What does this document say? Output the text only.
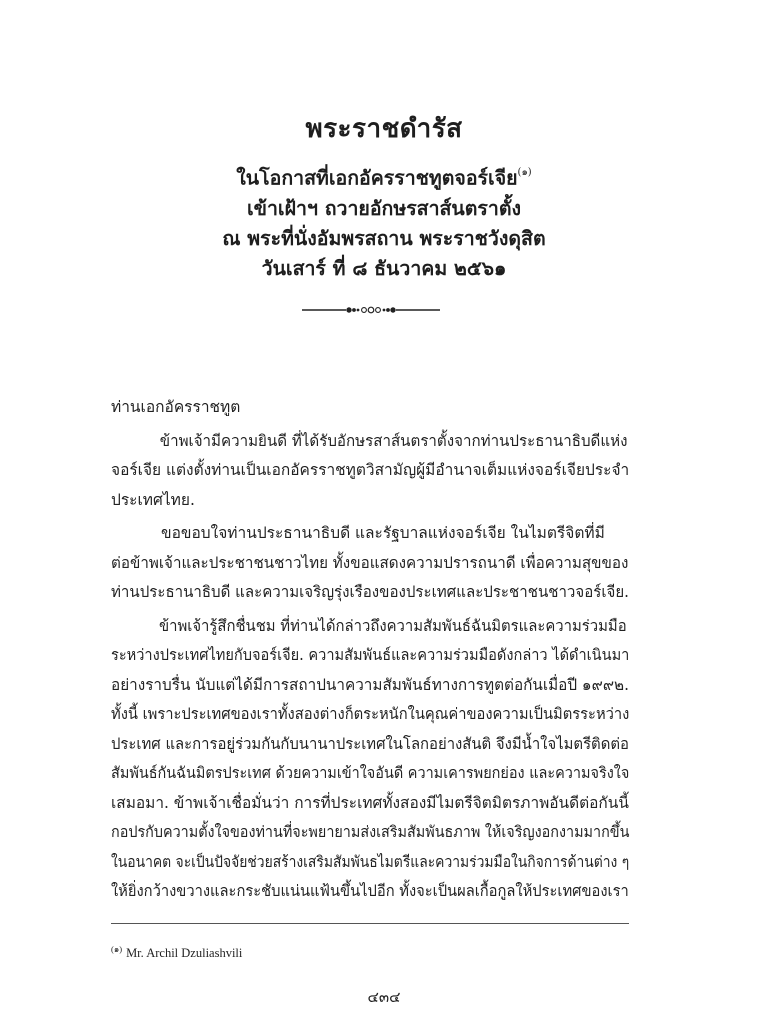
พระราชดำรัส
ในโอกาสที่เอกอัครราชทูตจอร์เจีย$^{(๑)}$
เข้าเฝ้าฯ ถวายอักษรสาส์นตราตั้ง
ณ พระที่นั่งอัมพรสถาน พระราชวังดุสิต
วันเสาร์ ที่ ๘ ธันวาคม ๒๕๖๑
ท่านเอกอัครราชทูต
ข้าพเจ้ามีความยินดี ที่ได้รับอักษรสาส์นตราตั้งจากท่านประธานาธิบดีแห่ง
จอร์เจีย แต่งตั้งท่านเป็นเอกอัครราชทูตวิสามัญผู้มีอำนาจเต็มแห่งจอร์เจียประจำ
ประเทศไทย.
ขอขอบใจท่านประธานาธิบดี และรัฐบาลแห่งจอร์เจีย ในไมตรีจิตที่มี
ต่อข้าพเจ้าและประชาชนชาวไทย ทั้งขอแสดงความปรารถนาดี เพื่อความสุขของ
ท่านประธานาธิบดี และความเจริญรุ่งเรืองของประเทศและประชาชนชาวจอร์เจีย.
ข้าพเจ้ารู้สึกชื่นชม ที่ท่านได้กล่าวถึงความสัมพันธ์ฉันมิตรและความร่วมมือ
ระหว่างประเทศไทยกับจอร์เจีย. ความสัมพันธ์และความร่วมมือดังกล่าว ได้ดำเนินมา
อย่างราบรื่น นับแต่ได้มีการสถาปนาความสัมพันธ์ทางการทูตต่อกันเมื่อปี ๑๙๙๒.
ทั้งนี้ เพราะประเทศของเราทั้งสองต่างก็ตระหนักในคุณค่าของความเป็นมิตรระหว่าง
ประเทศ และการอยู่ร่วมกันกับนานาประเทศในโลกอย่างสันติ จึงมีน้ำใจไมตรีติดต่อ
สัมพันธ์กันฉันมิตรประเทศ ด้วยความเข้าใจอันดี ความเคารพยกย่อง และความจริงใจ
เสมอมา. ข้าพเจ้าเชื่อมั่นว่า การที่ประเทศทั้งสองมีไมตรีจิตมิตรภาพอันดีต่อกันนี้
กอปรกับความตั้งใจของท่านที่จะพยายามส่งเสริมสัมพันธภาพ ให้เจริญงอกงามมากขึ้น
ในอนาคต จะเป็นปัจจัยช่วยสร้างเสริมสัมพันธไมตรีและความร่วมมือในกิจการด้านต่าง ๆ
ให้ยิ่งกว้างขวางและกระชับแน่นแฟ้นขึ้นไปอีก ทั้งจะเป็นผลเกื้อกูลให้ประเทศของเรา
$^{(๑)}$ Mr. Archil Dzuliashvili
๔๓๔
